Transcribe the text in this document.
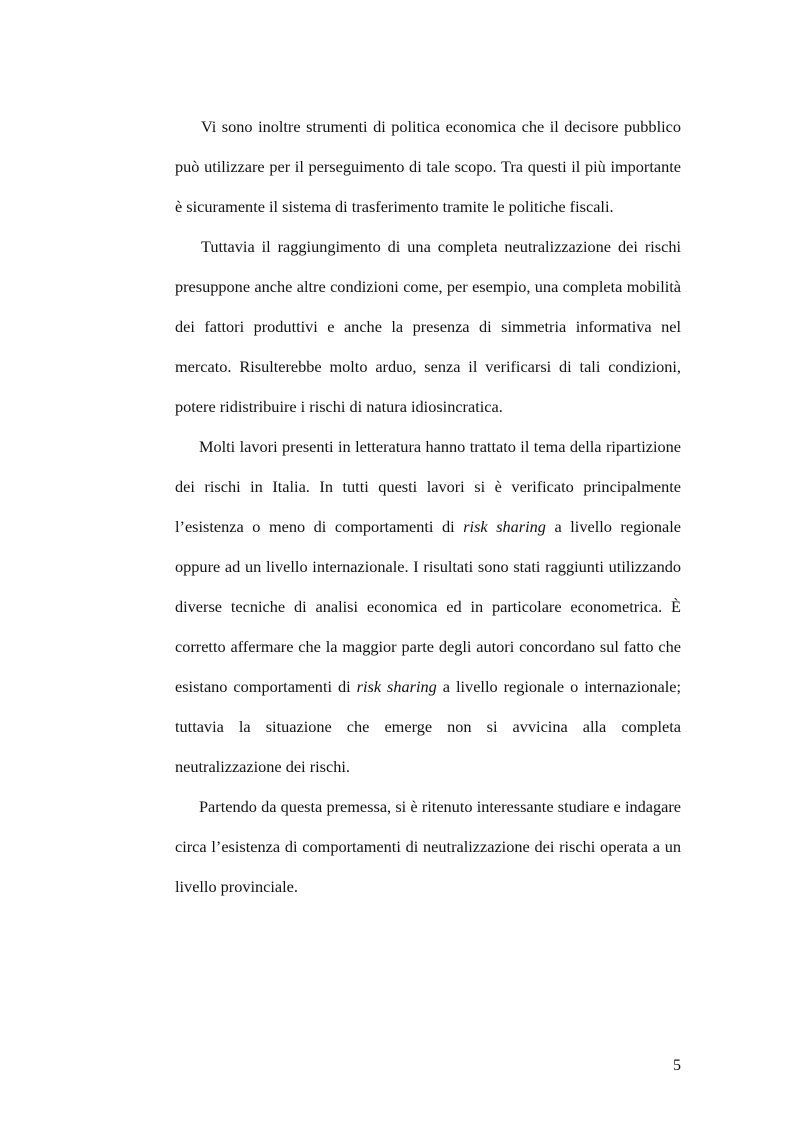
Vi sono inoltre strumenti di politica economica che il decisore pubblico può utilizzare per il perseguimento di tale scopo. Tra questi il più importante è sicuramente il sistema di trasferimento tramite le politiche fiscali.

Tuttavia il raggiungimento di una completa neutralizzazione dei rischi presuppone anche altre condizioni come, per esempio, una completa mobilità dei fattori produttivi e anche la presenza di simmetria informativa nel mercato. Risulterebbe molto arduo, senza il verificarsi di tali condizioni, potere ridistribuire i rischi di natura idiosincratica.

Molti lavori presenti in letteratura hanno trattato il tema della ripartizione dei rischi in Italia. In tutti questi lavori si è verificato principalmente l’esistenza o meno di comportamenti di risk sharing a livello regionale oppure ad un livello internazionale. I risultati sono stati raggiunti utilizzando diverse tecniche di analisi economica ed in particolare econometrica. È corretto affermare che la maggior parte degli autori concordano sul fatto che esistano comportamenti di risk sharing a livello regionale o internazionale; tuttavia la situazione che emerge non si avvicina alla completa neutralizzazione dei rischi.

Partendo da questa premessa, si è ritenuto interessante studiare e indagare circa l’esistenza di comportamenti di neutralizzazione dei rischi operata a un livello provinciale.

5
